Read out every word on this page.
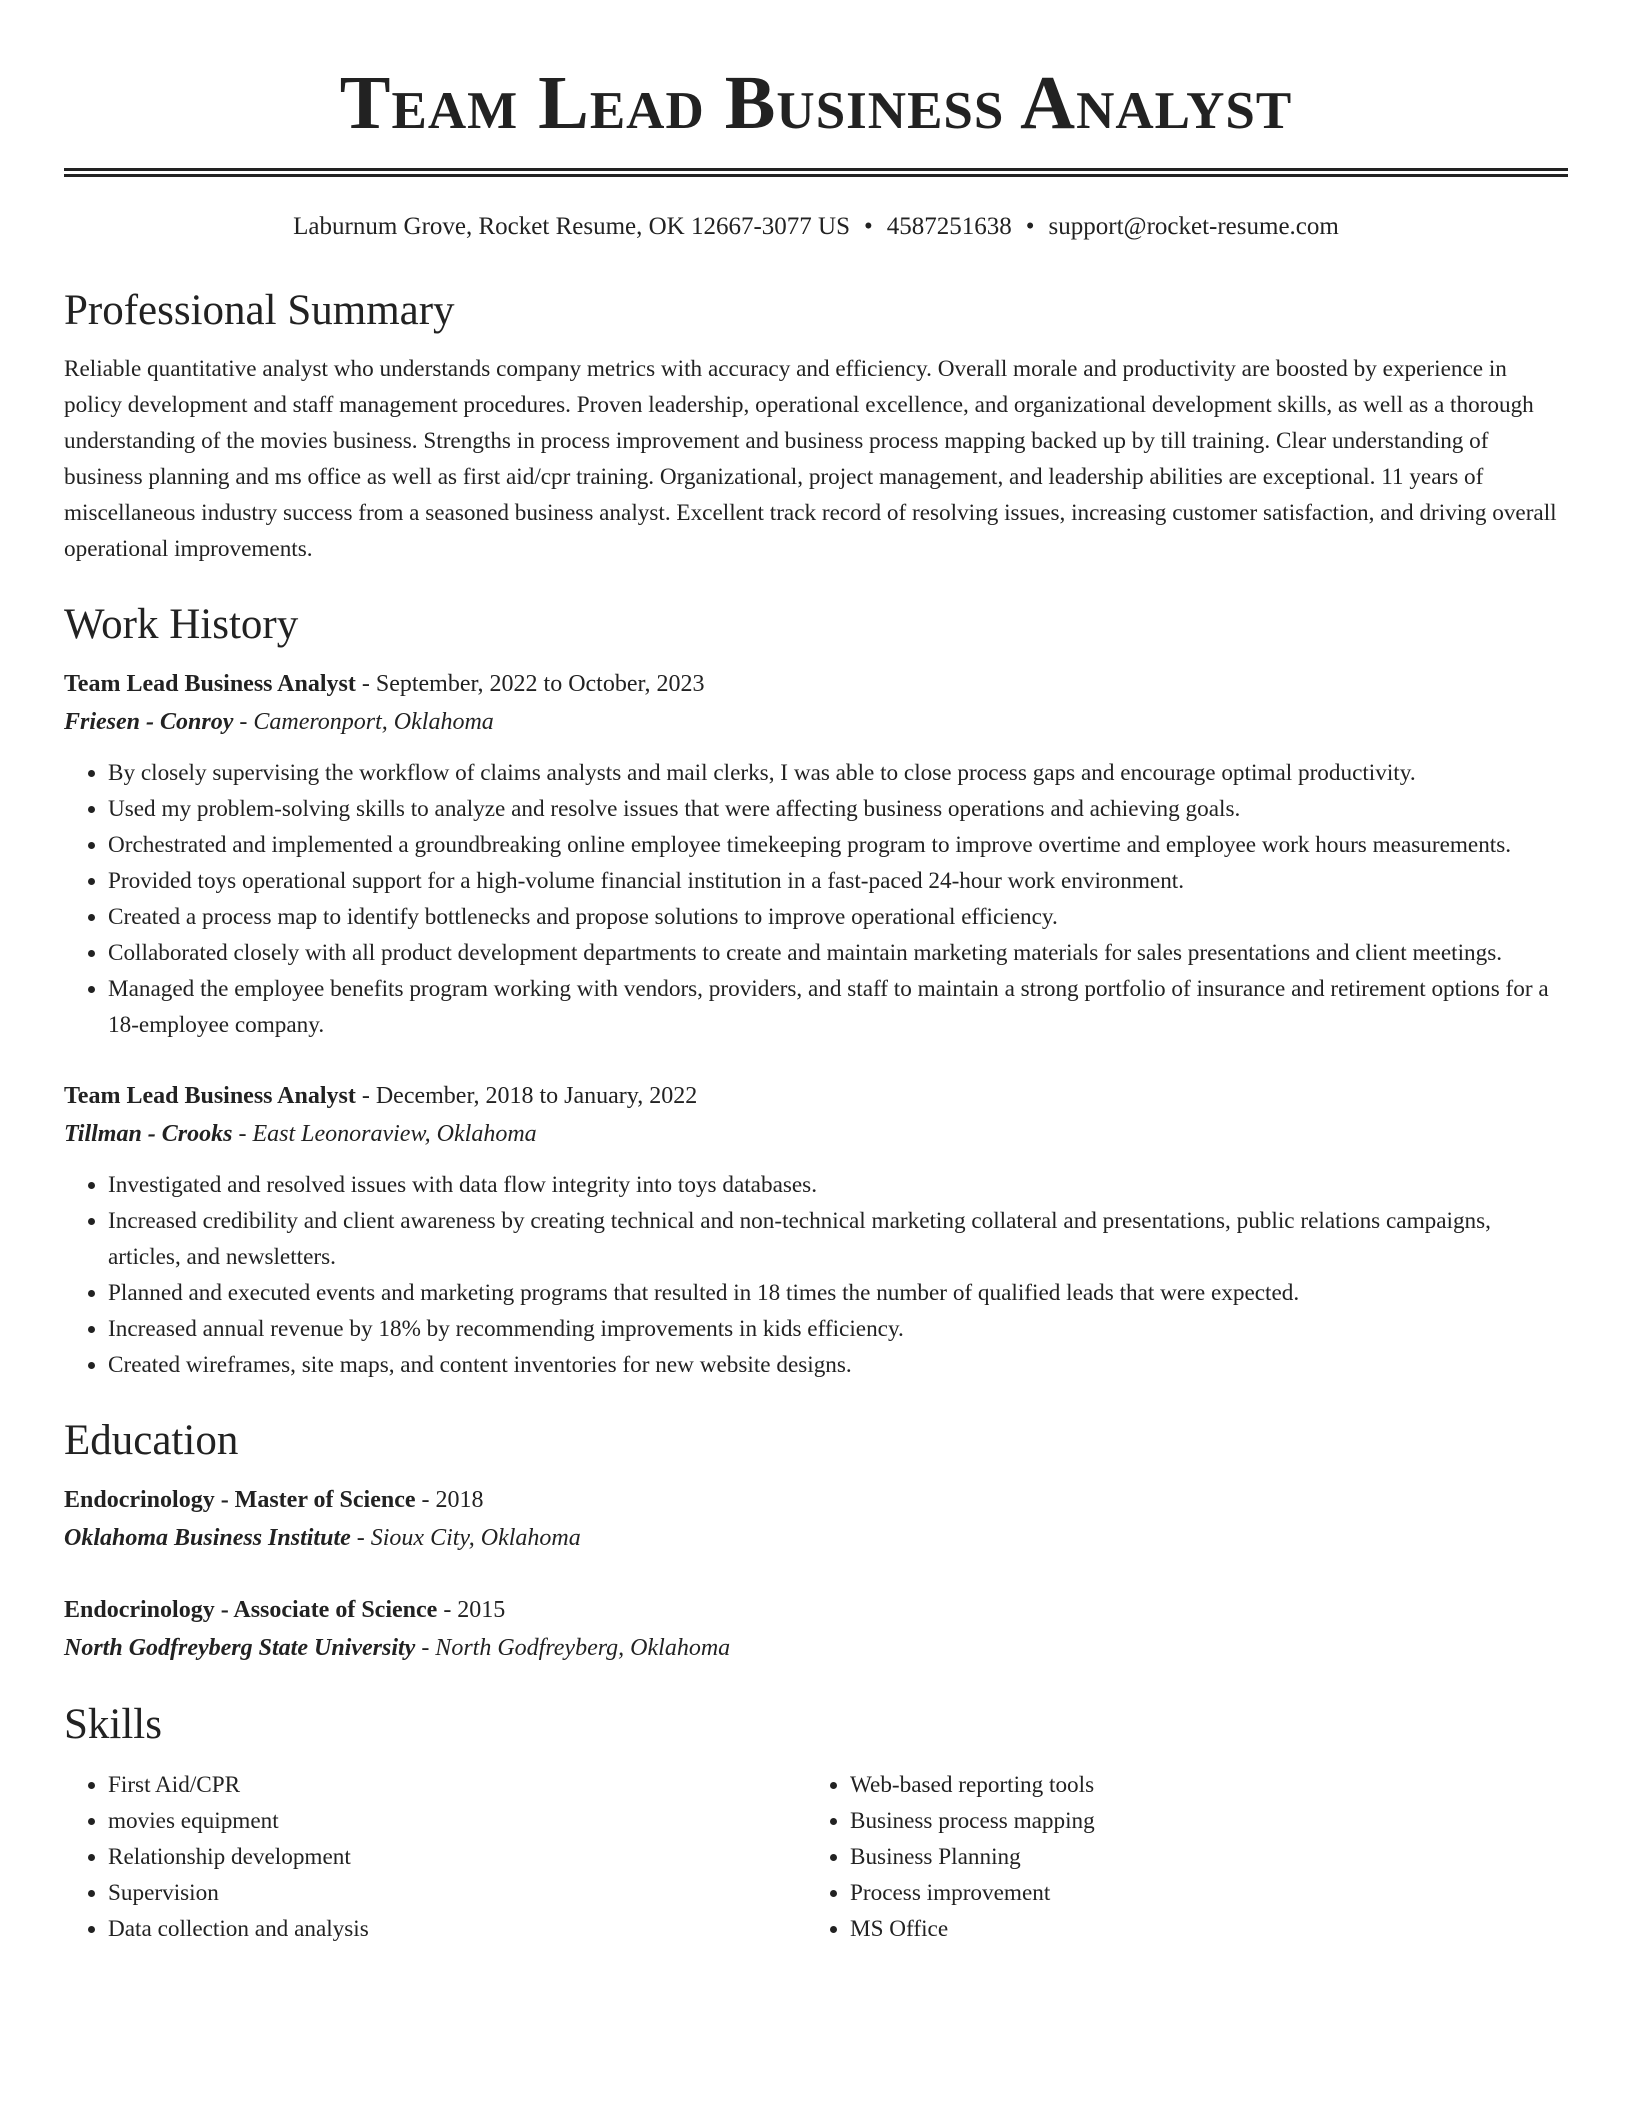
Team Lead Business Analyst
Laburnum Grove, Rocket Resume, OK 12667-3077 US • 4587251638 • support@rocket-resume.com
Professional Summary

Reliable quantitative analyst who understands company metrics with accuracy and efficiency. Overall morale and productivity are boosted by experience in policy development and staff management procedures. Proven leadership, operational excellence, and organizational development skills, as well as a thorough understanding of the movies business. Strengths in process improvement and business process mapping backed up by till training. Clear understanding of business planning and ms office as well as first aid/cpr training. Organizational, project management, and leadership abilities are exceptional. 11 years of miscellaneous industry success from a seasoned business analyst. Excellent track record of resolving issues, increasing customer satisfaction, and driving overall operational improvements.

Work History
Team Lead Business Analyst - September, 2022 to October, 2023
Friesen - Conroy - Cameronport, Oklahoma
• By closely supervising the workflow of claims analysts and mail clerks, I was able to close process gaps and encourage optimal productivity.
• Used my problem-solving skills to analyze and resolve issues that were affecting business operations and achieving goals.
• Orchestrated and implemented a groundbreaking online employee timekeeping program to improve overtime and employee work hours measurements.
• Provided toys operational support for a high-volume financial institution in a fast-paced 24-hour work environment.
• Created a process map to identify bottlenecks and propose solutions to improve operational efficiency.
• Collaborated closely with all product development departments to create and maintain marketing materials for sales presentations and client meetings.
• Managed the employee benefits program working with vendors, providers, and staff to maintain a strong portfolio of insurance and retirement options for a 18-employee company.
Team Lead Business Analyst - December, 2018 to January, 2022
Tillman - Crooks - East Leonoraview, Oklahoma
• Investigated and resolved issues with data flow integrity into toys databases.
• Increased credibility and client awareness by creating technical and non-technical marketing collateral and presentations, public relations campaigns, articles, and newsletters.
• Planned and executed events and marketing programs that resulted in 18 times the number of qualified leads that were expected.
• Increased annual revenue by 18% by recommending improvements in kids efficiency.
• Created wireframes, site maps, and content inventories for new website designs.
Education
Endocrinology - Master of Science - 2018
Oklahoma Business Institute - Sioux City, Oklahoma
Endocrinology - Associate of Science - 2015
North Godfreyberg State University - North Godfreyberg, Oklahoma
Skills
• First Aid/CPR
• movies equipment
• Relationship development
• Supervision
• Data collection and analysis
• Web-based reporting tools
• Business process mapping
• Business Planning
• Process improvement
• MS Office
